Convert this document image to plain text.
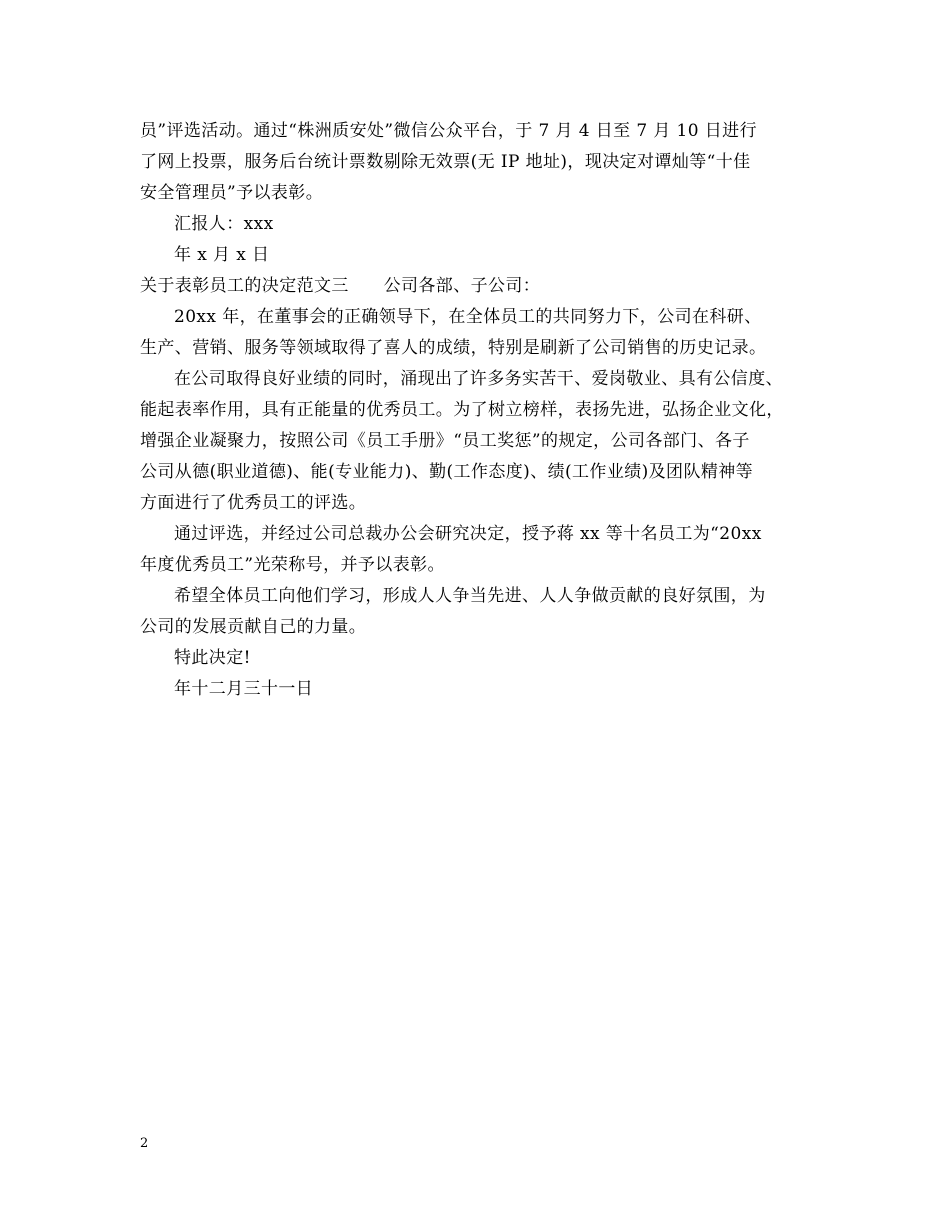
员”评选活动。通过“株洲质安处”微信公众平台，于 7 月 4 日至 7 月 10 日进行
了网上投票，服务后台统计票数剔除无效票(无 IP 地址)，现决定对谭灿等“十佳
安全管理员”予以表彰。
汇报人：xxx
年 x 月 x 日
关于表彰员工的决定范文三　　公司各部、子公司：
20xx 年，在董事会的正确领导下，在全体员工的共同努力下，公司在科研、
生产、营销、服务等领域取得了喜人的成绩，特别是刷新了公司销售的历史记录。
在公司取得良好业绩的同时，涌现出了许多务实苦干、爱岗敬业、具有公信度、
能起表率作用，具有正能量的优秀员工。为了树立榜样，表扬先进，弘扬企业文化，
增强企业凝聚力，按照公司《员工手册》“员工奖惩”的规定，公司各部门、各子
公司从德(职业道德)、能(专业能力)、勤(工作态度)、绩(工作业绩)及团队精神等
方面进行了优秀员工的评选。
通过评选，并经过公司总裁办公会研究决定，授予蒋 xx 等十名员工为“20xx
年度优秀员工”光荣称号，并予以表彰。
希望全体员工向他们学习，形成人人争当先进、人人争做贡献的良好氛围，为
公司的发展贡献自己的力量。
特此决定!
年十二月三十一日
2
